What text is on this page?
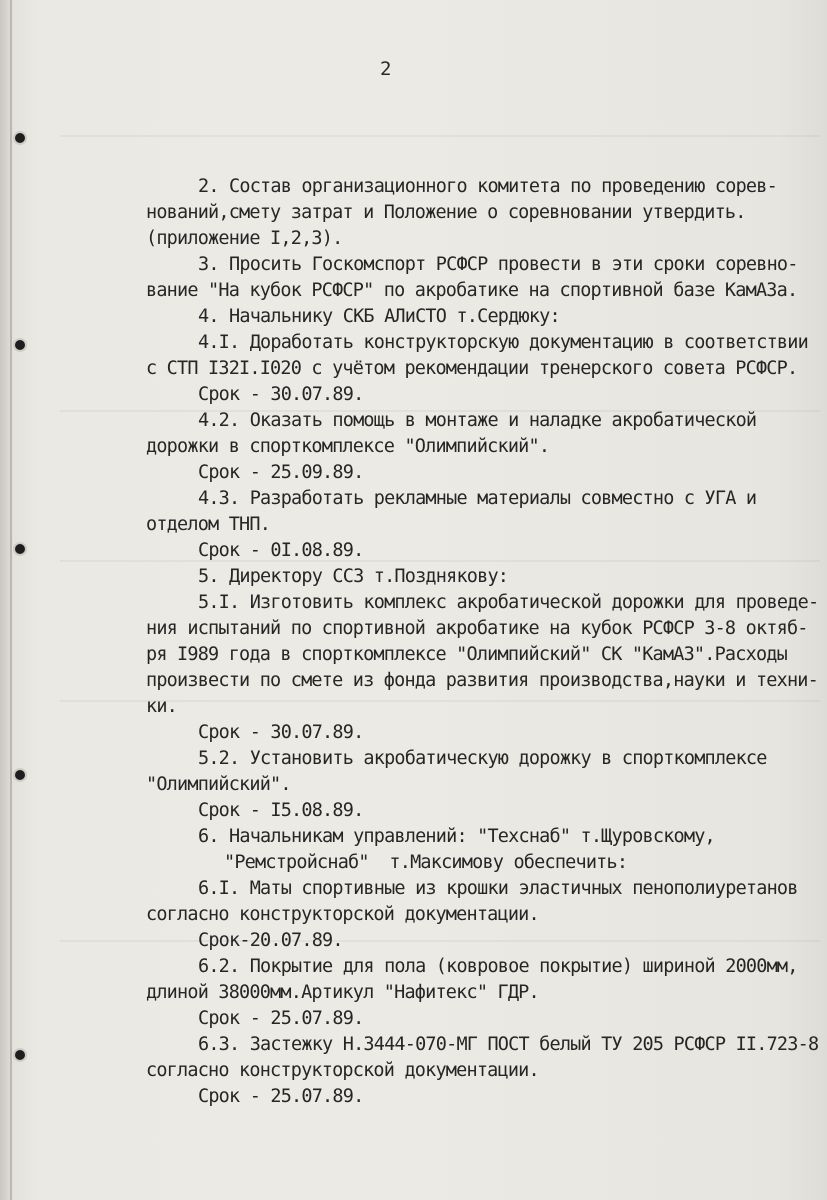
2
2. Состав организационного комитета по проведению сорев-
нований,смету затрат и Положение о соревновании утвердить.
(приложение I,2,3).
3. Просить Госкомспорт РСФСР провести в эти сроки соревно-
вание "На кубок РСФСР" по акробатике на спортивной базе КамАЗа.
4. Начальнику СКБ АЛиСТО т.Сердюку:
4.I. Доработать конструкторскую документацию в соответствии
с СТП I32I.I020 с учётом рекомендации тренерского совета РСФСР.
Срок - 30.07.89.
4.2. Оказать помощь в монтаже и наладке акробатической
дорожки в спорткомплексе "Олимпийский".
Срок - 25.09.89.
4.3. Разработать рекламные материалы совместно с УГА и
отделом ТНП.
Срок - 0I.08.89.
5. Директору ССЗ т.Позднякову:
5.I. Изготовить комплекс акробатической дорожки для проведе-
ния испытаний по спортивной акробатике на кубок РСФСР 3-8 октяб-
ря I989 года в спорткомплексе "Олимпийский" СК "КамАЗ".Расходы
произвести по смете из фонда развития производства,науки и техни-
ки.
Срок - 30.07.89.
5.2. Установить акробатическую дорожку в спорткомплексе
"Олимпийский".
Срок - I5.08.89.
6. Начальникам управлений: "Техснаб" т.Щуровскому,
"Ремстройснаб"  т.Максимову обеспечить:
6.I. Маты спортивные из крошки эластичных пенополиуретанов
согласно конструкторской документации.
Срок-20.07.89.
6.2. Покрытие для пола (ковровое покрытие) шириной 2000мм,
длиной 38000мм.Артикул "Нафитекс" ГДР.
Срок - 25.07.89.
6.3. Застежку Н.3444-070-МГ ПОСТ белый ТУ 205 РСФСР II.723-8
согласно конструкторской документации.
Срок - 25.07.89.
